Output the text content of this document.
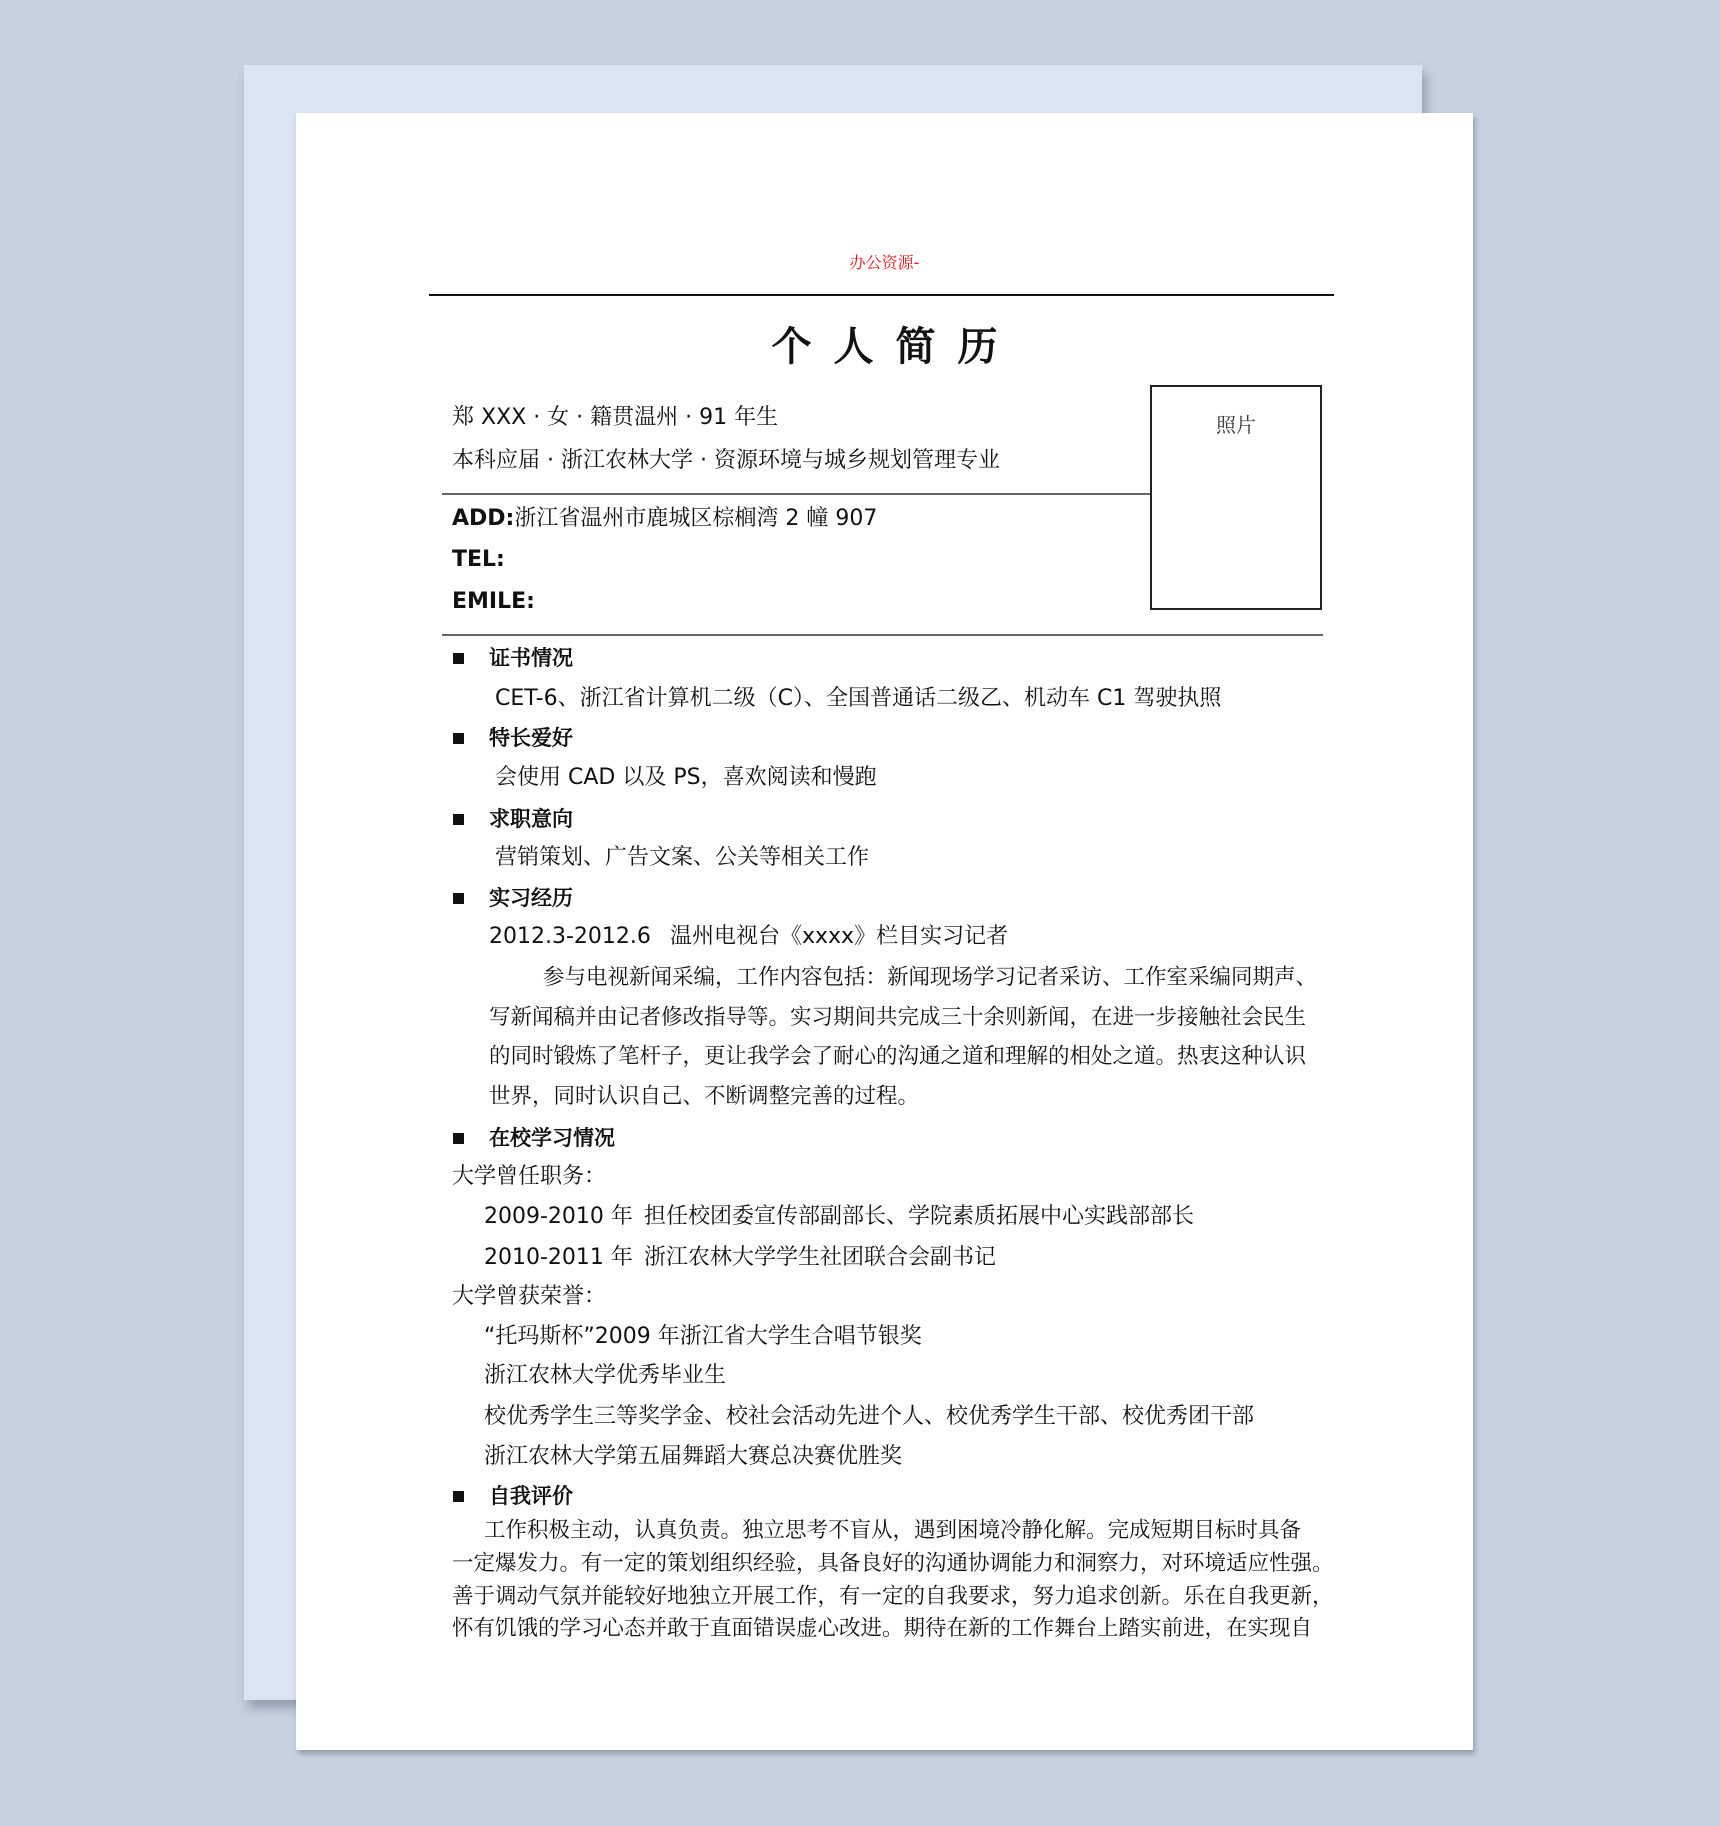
办公资源-
个人简历
郑 XXX · 女 · 籍贯温州 · 91 年生
本科应届 · 浙江农林大学 · 资源环境与城乡规划管理专业
ADD:浙江省温州市鹿城区棕榈湾 2 幢 907
TEL:
EMILE:
照片
证书情况
CET-6、浙江省计算机二级（C）、全国普通话二级乙、机动车 C1 驾驶执照
特长爱好
会使用 CAD 以及 PS，喜欢阅读和慢跑
求职意向
营销策划、广告文案、公关等相关工作
实习经历
2012.3-2012.6 温州电视台《xxxx》栏目实习记者
参与电视新闻采编，工作内容包括：新闻现场学习记者采访、工作室采编同期声、
写新闻稿并由记者修改指导等。实习期间共完成三十余则新闻，在进一步接触社会民生
的同时锻炼了笔杆子，更让我学会了耐心的沟通之道和理解的相处之道。热衷这种认识
世界，同时认识自己、不断调整完善的过程。
在校学习情况
大学曾任职务：
2009-2010 年 担任校团委宣传部副部长、学院素质拓展中心实践部部长
2010-2011 年 浙江农林大学学生社团联合会副书记
大学曾获荣誉：
“托玛斯杯”2009 年浙江省大学生合唱节银奖
浙江农林大学优秀毕业生
校优秀学生三等奖学金、校社会活动先进个人、校优秀学生干部、校优秀团干部
浙江农林大学第五届舞蹈大赛总决赛优胜奖
自我评价
工作积极主动，认真负责。独立思考不盲从，遇到困境冷静化解。完成短期目标时具备
一定爆发力。有一定的策划组织经验，具备良好的沟通协调能力和洞察力，对环境适应性强。
善于调动气氛并能较好地独立开展工作，有一定的自我要求，努力追求创新。乐在自我更新，
怀有饥饿的学习心态并敢于直面错误虚心改进。期待在新的工作舞台上踏实前进，在实现自
